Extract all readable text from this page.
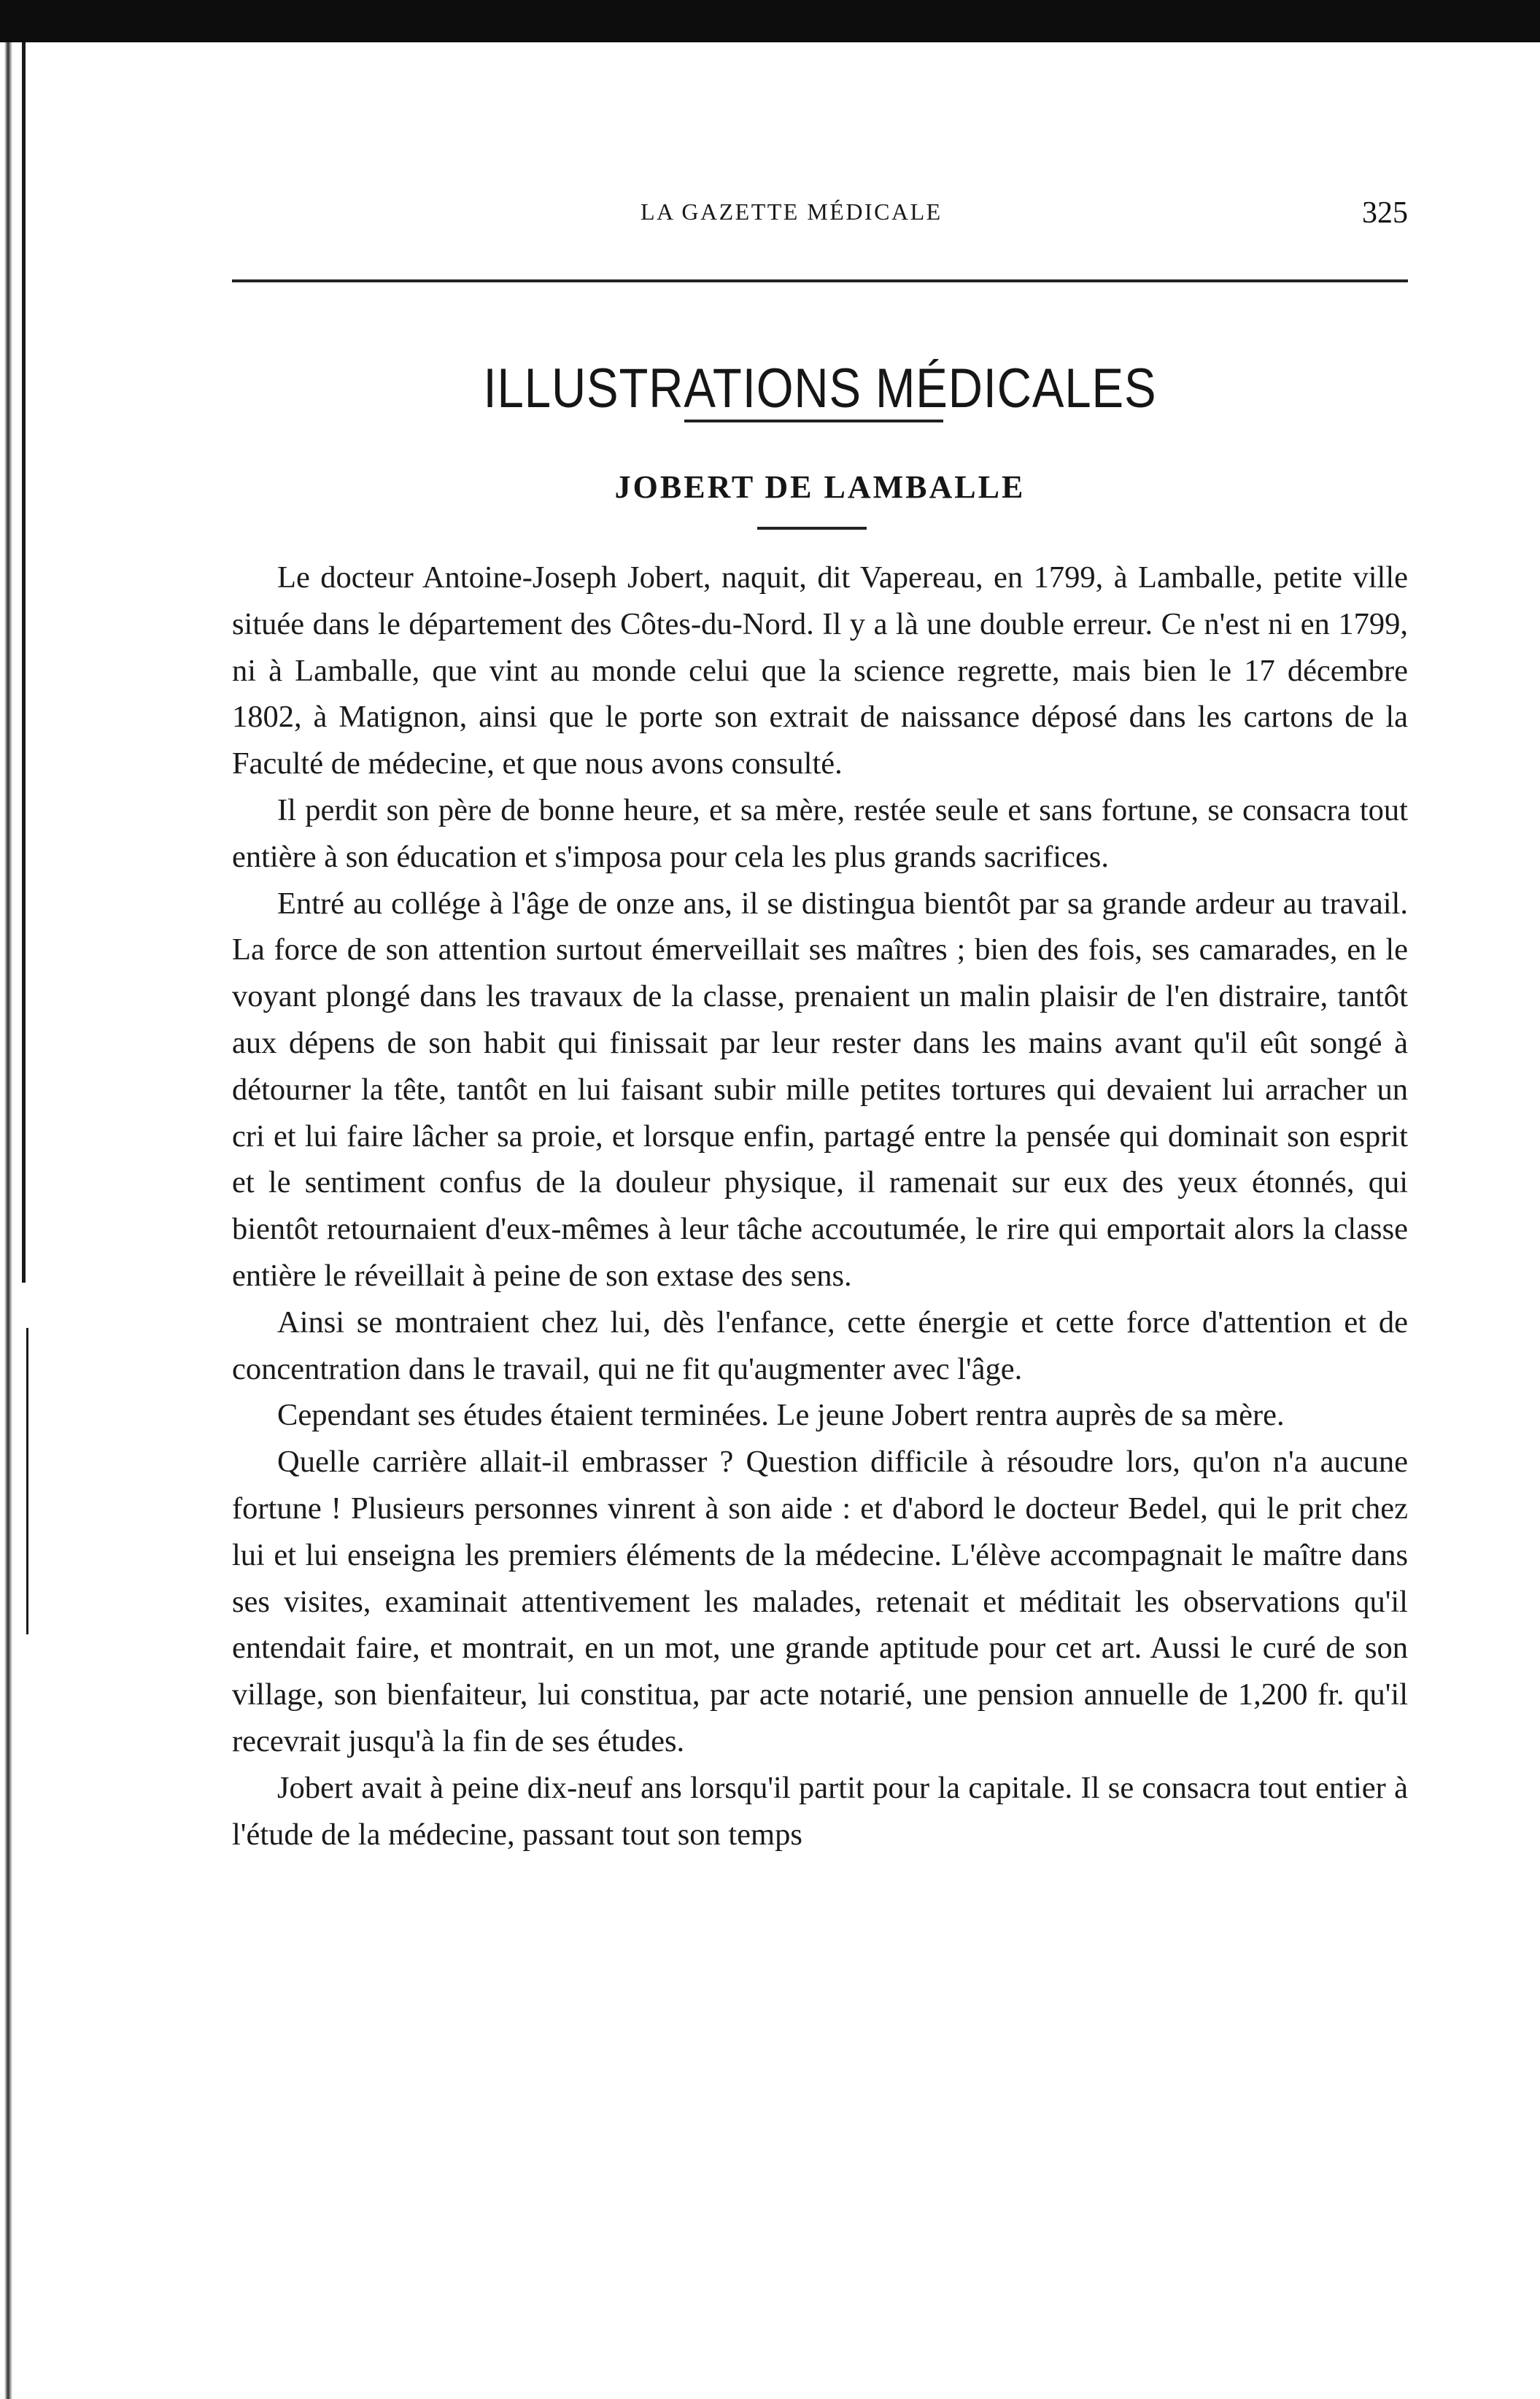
LA GAZETTE MÉDICALE	325
ILLUSTRATIONS MÉDICALES
JOBERT DE LAMBALLE

Le docteur Antoine-Joseph Jobert, naquit, dit Vapereau, en 1799, à Lamballe, petite ville située dans le département des Côtes-du-Nord. Il y a là une double erreur. Ce n'est ni en 1799, ni à Lamballe, que vint au monde celui que la science regrette, mais bien le 17 décembre 1802, à Matignon, ainsi que le porte son extrait de naissance déposé dans les cartons de la Faculté de médecine, et que nous avons consulté.

Il perdit son père de bonne heure, et sa mère, restée seule et sans fortune, se consacra tout entière à son éducation et s'imposa pour cela les plus grands sacrifices.

Entré au collége à l'âge de onze ans, il se distingua bientôt par sa grande ardeur au travail. La force de son attention surtout émerveillait ses maîtres ; bien des fois, ses camarades, en le voyant plongé dans les travaux de la classe, prenaient un malin plaisir de l'en distraire, tantôt aux dépens de son habit qui finissait par leur rester dans les mains avant qu'il eût songé à détourner la tête, tantôt en lui faisant subir mille petites tortures qui devaient lui arracher un cri et lui faire lâcher sa proie, et lorsque enfin, partagé entre la pensée qui dominait son esprit et le sentiment confus de la douleur physique, il ramenait sur eux des yeux étonnés, qui bientôt retournaient d'eux-mêmes à leur tâche accoutumée, le rire qui emportait alors la classe entière le réveillait à peine de son extase des sens.

Ainsi se montraient chez lui, dès l'enfance, cette énergie et cette force d'attention et de concentration dans le travail, qui ne fit qu'augmenter avec l'âge.

Cependant ses études étaient terminées. Le jeune Jobert rentra auprès de sa mère.

Quelle carrière allait-il embrasser ? Question difficile à résoudre lors, qu'on n'a aucune fortune ! Plusieurs personnes vinrent à son aide : et d'abord le docteur Bedel, qui le prit chez lui et lui enseigna les premiers éléments de la médecine. L'élève accompagnait le maître dans ses visites, examinait attentivement les malades, retenait et méditait les observations qu'il entendait faire, et montrait, en un mot, une grande aptitude pour cet art. Aussi le curé de son village, son bienfaiteur, lui constitua, par acte notarié, une pension annuelle de 1,200 fr. qu'il recevrait jusqu'à la fin de ses études.

Jobert avait à peine dix-neuf ans lorsqu'il partit pour la capitale. Il se consacra tout entier à l'étude de la médecine, passant tout son temps
